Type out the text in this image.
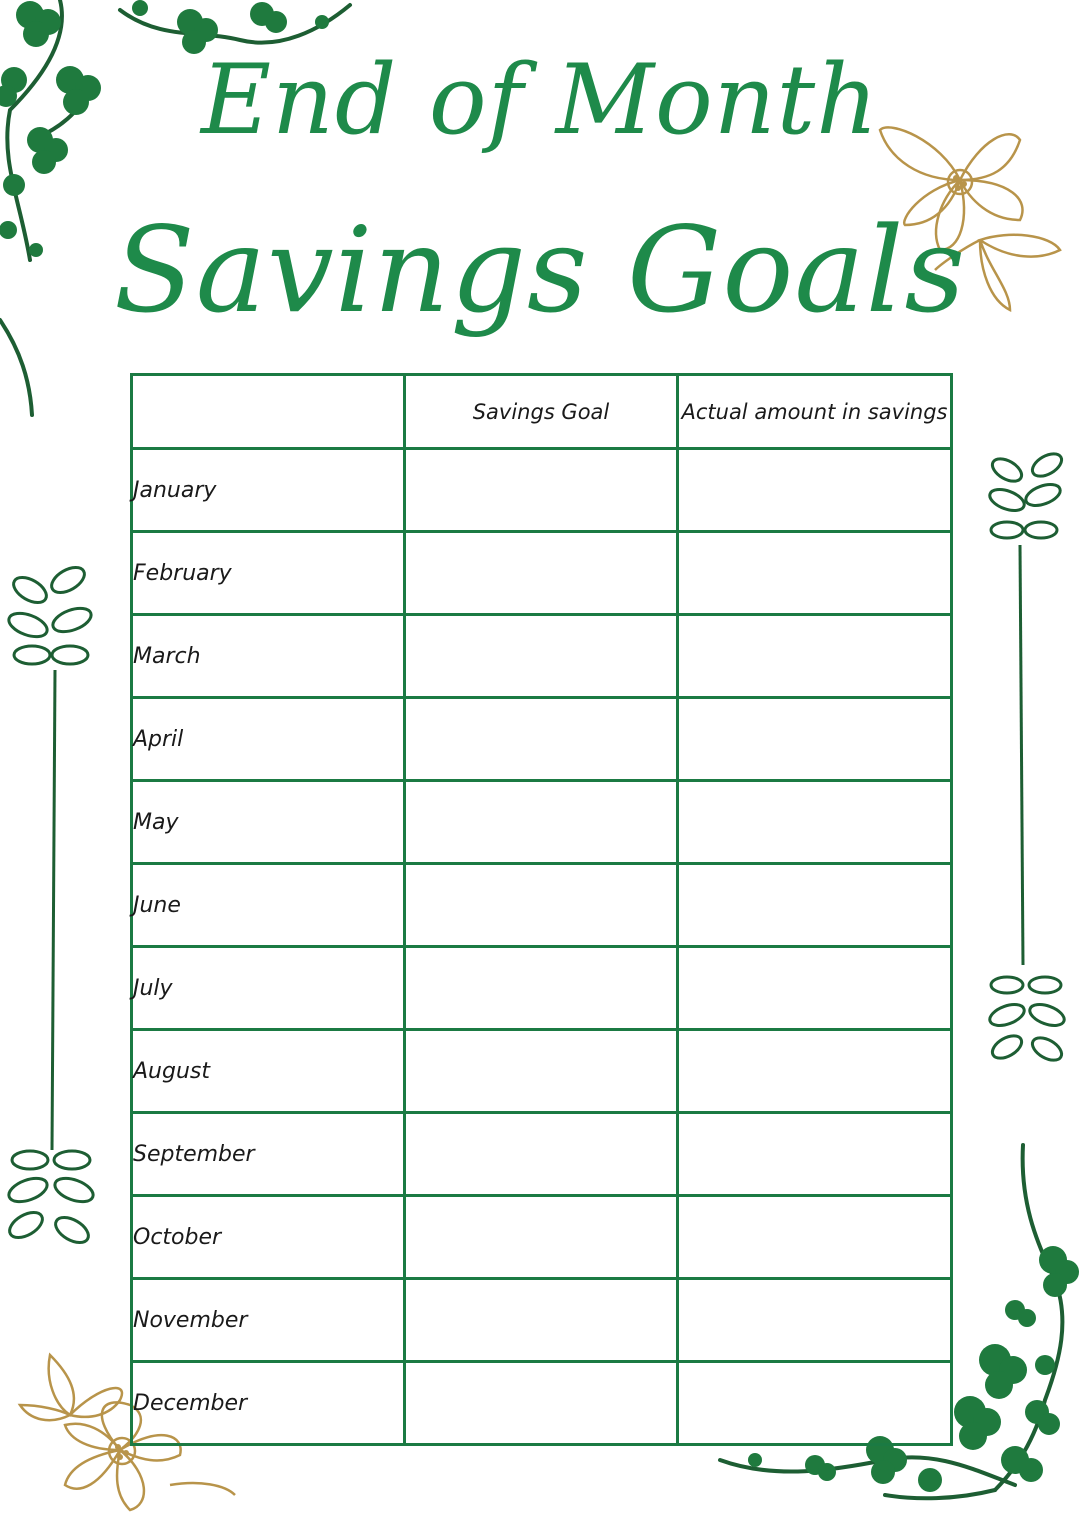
End of Month
Savings Goals
	Savings Goal	Actual amount in savings
January		
February		
March		
April		
May		
June		
July		
August		
September		
October		
November		
December		
